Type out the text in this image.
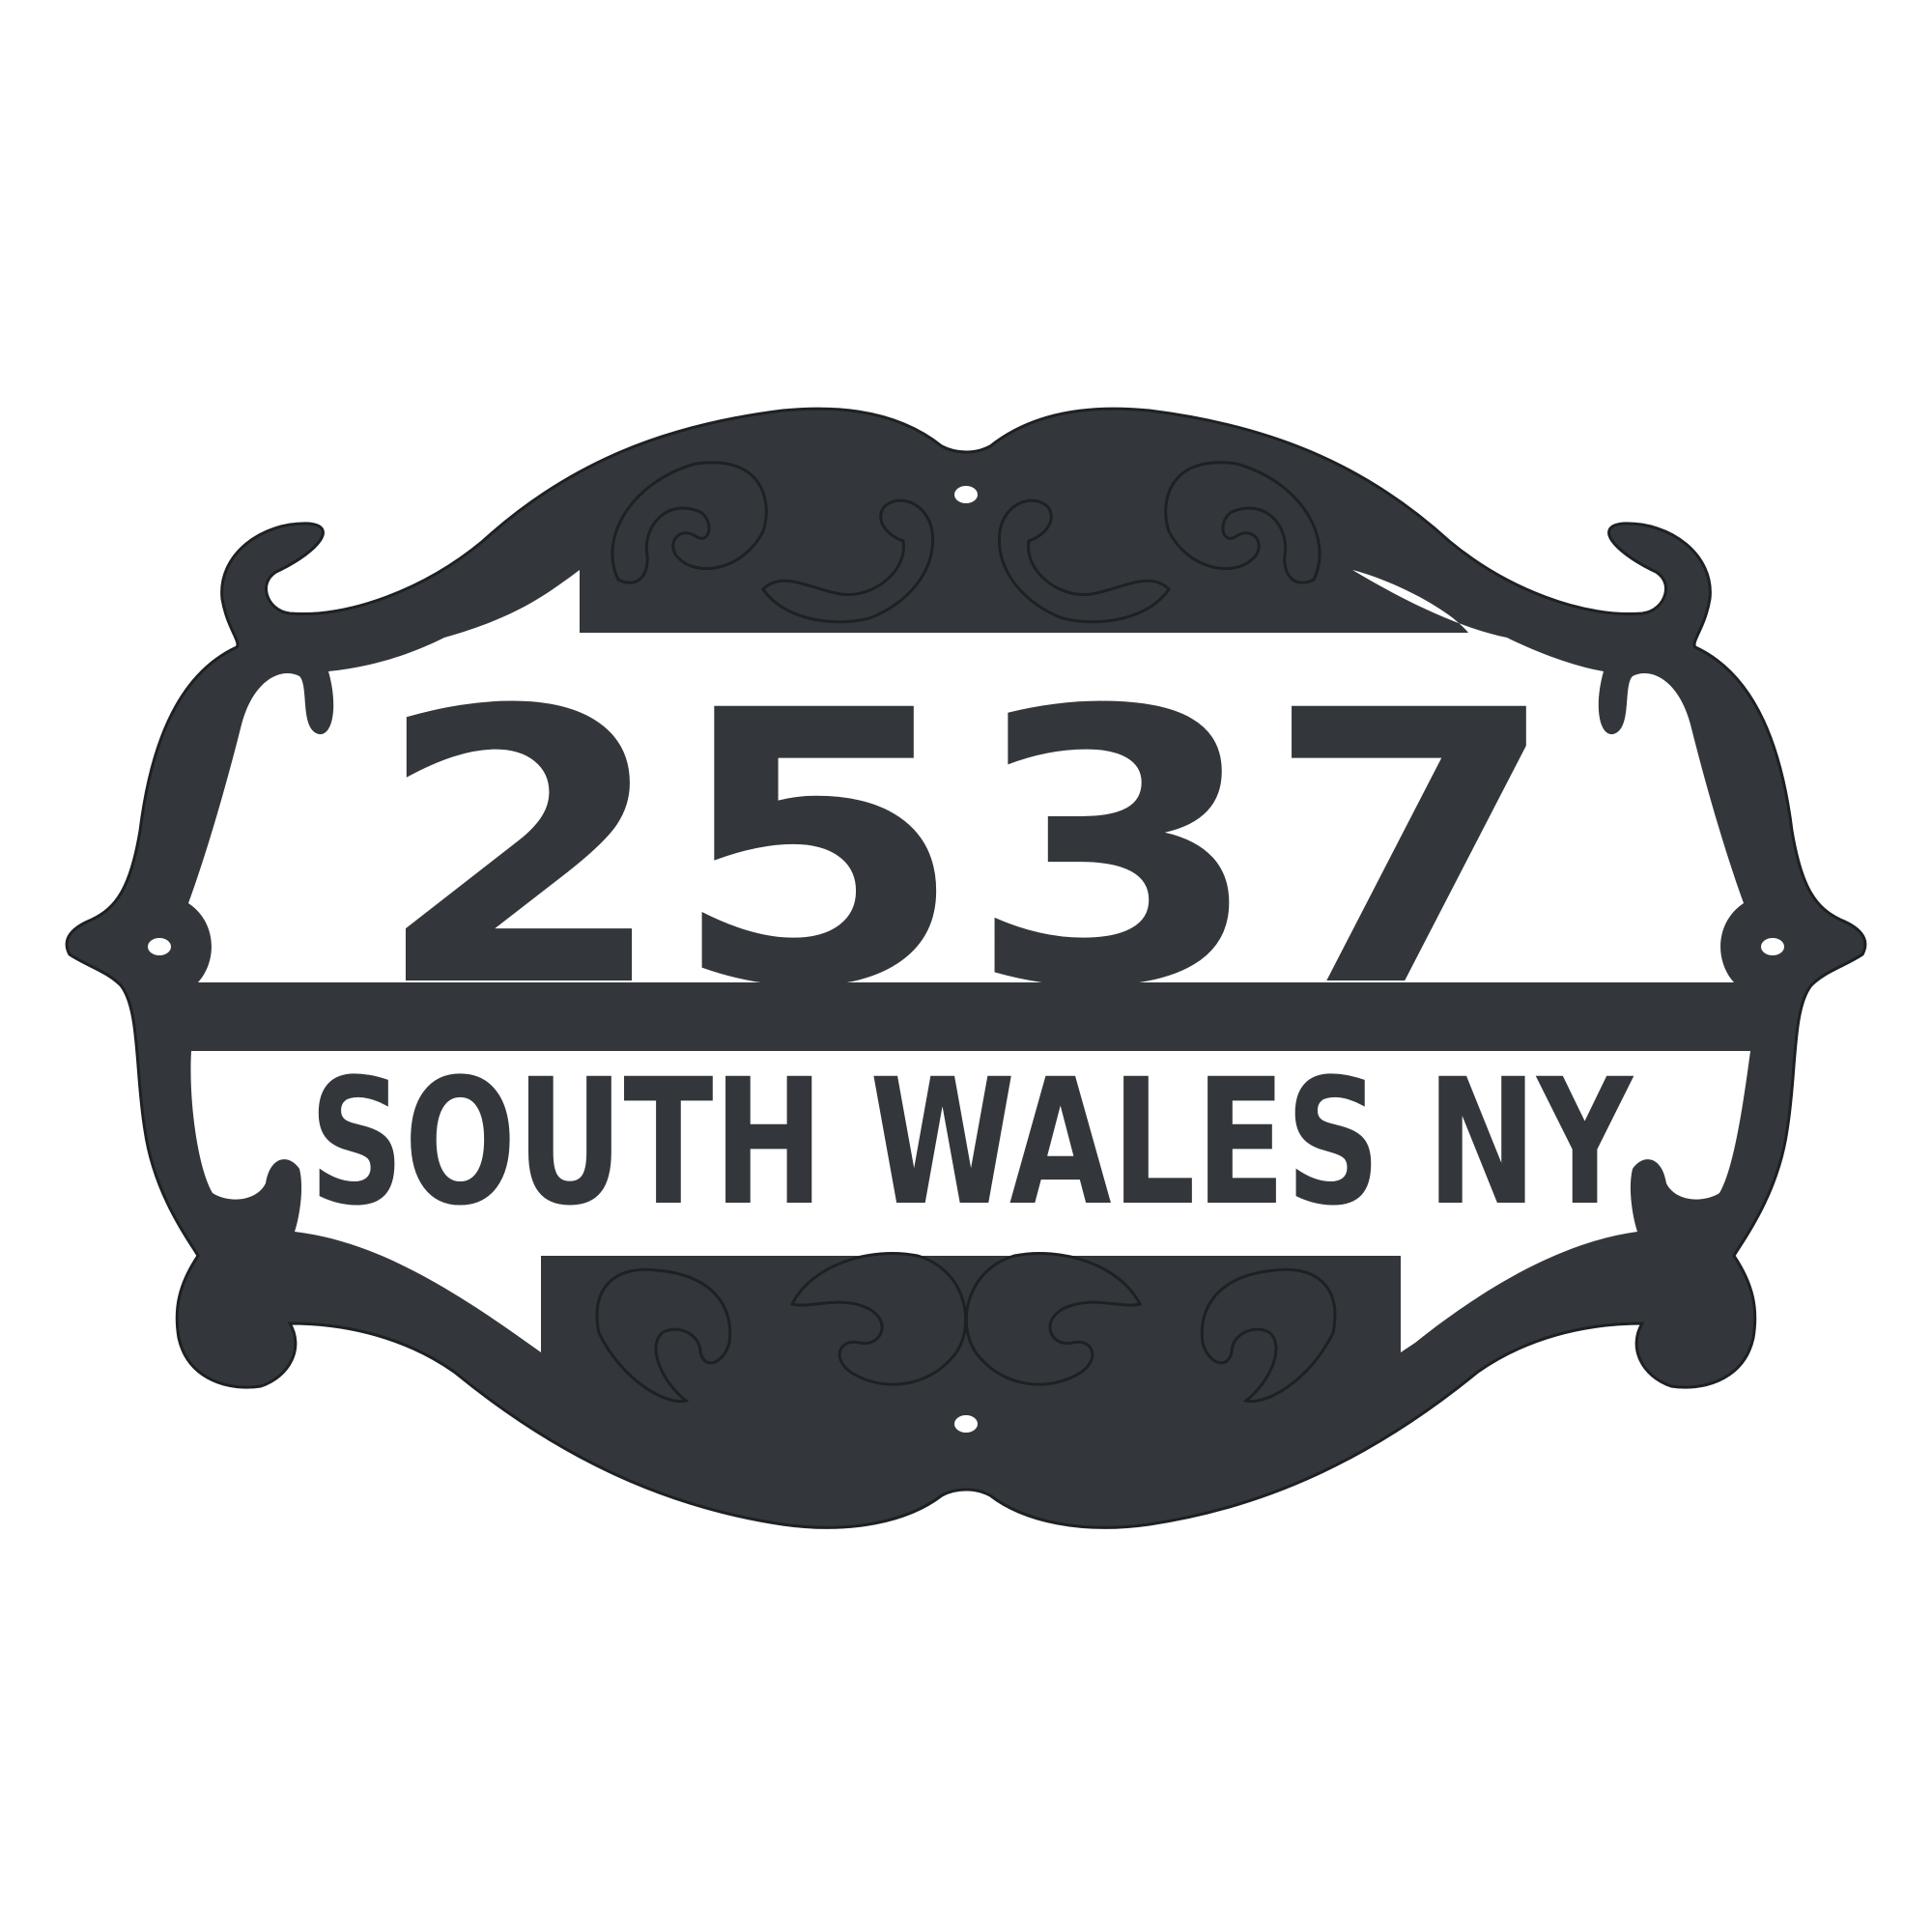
2537
SOUTH WALES NY
